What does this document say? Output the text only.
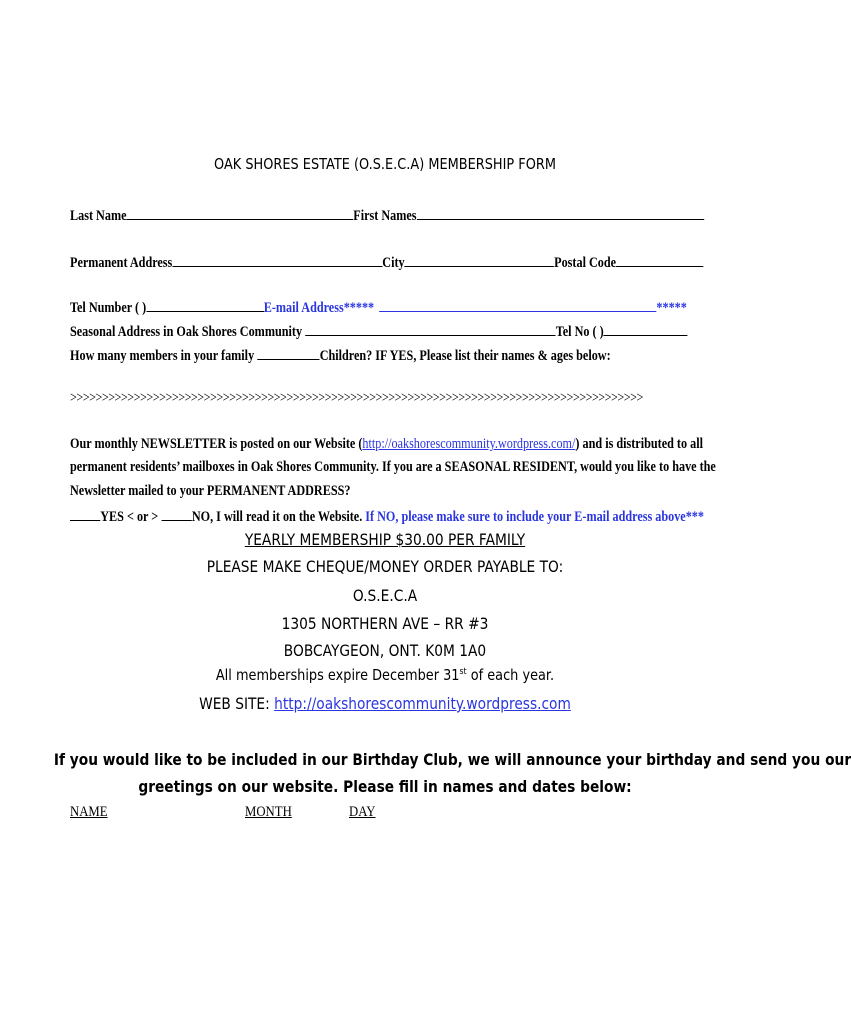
OAK SHORES ESTATE (O.S.E.C.A) MEMBERSHIP FORM
Last Name	First Names
Permanent Address	City	Postal Code
Tel Number ( )	E-mail Address*****	*****
Seasonal Address in Oak Shores Community	Tel No ( )
How many members in your family	Children? IF YES, Please list their names & ages below:
>>>>>>>>>>>>>>>>>>>>>>>>>>>>>>>>>>>>>>>>>>>>>>>>>>>>>>>>>>>>>>>>>>>>>>>>>>>>>>>>>>>>>>>>>>
Our monthly NEWSLETTER is posted on our Website (http://oakshorescommunity.wordpress.com/) and is distributed to all
permanent residents’ mailboxes in Oak Shores Community. If you are a SEASONAL RESIDENT, would you like to have the
Newsletter mailed to your PERMANENT ADDRESS?
YES < or > NO, I will read it on the Website. If NO, please make sure to include your E-mail address above***
YEARLY MEMBERSHIP $30.00 PER FAMILY
PLEASE MAKE CHEQUE/MONEY ORDER PAYABLE TO:
O.S.E.C.A
1305 NORTHERN AVE – RR #3
BOBCAYGEON, ONT. K0M 1A0
All memberships expire December 31st of each year.
WEB SITE: http://oakshorescommunity.wordpress.com
If you would like to be included in our Birthday Club, we will announce your birthday and send you our
greetings on our website. Please fill in names and dates below:
NAME	MONTH	DAY
